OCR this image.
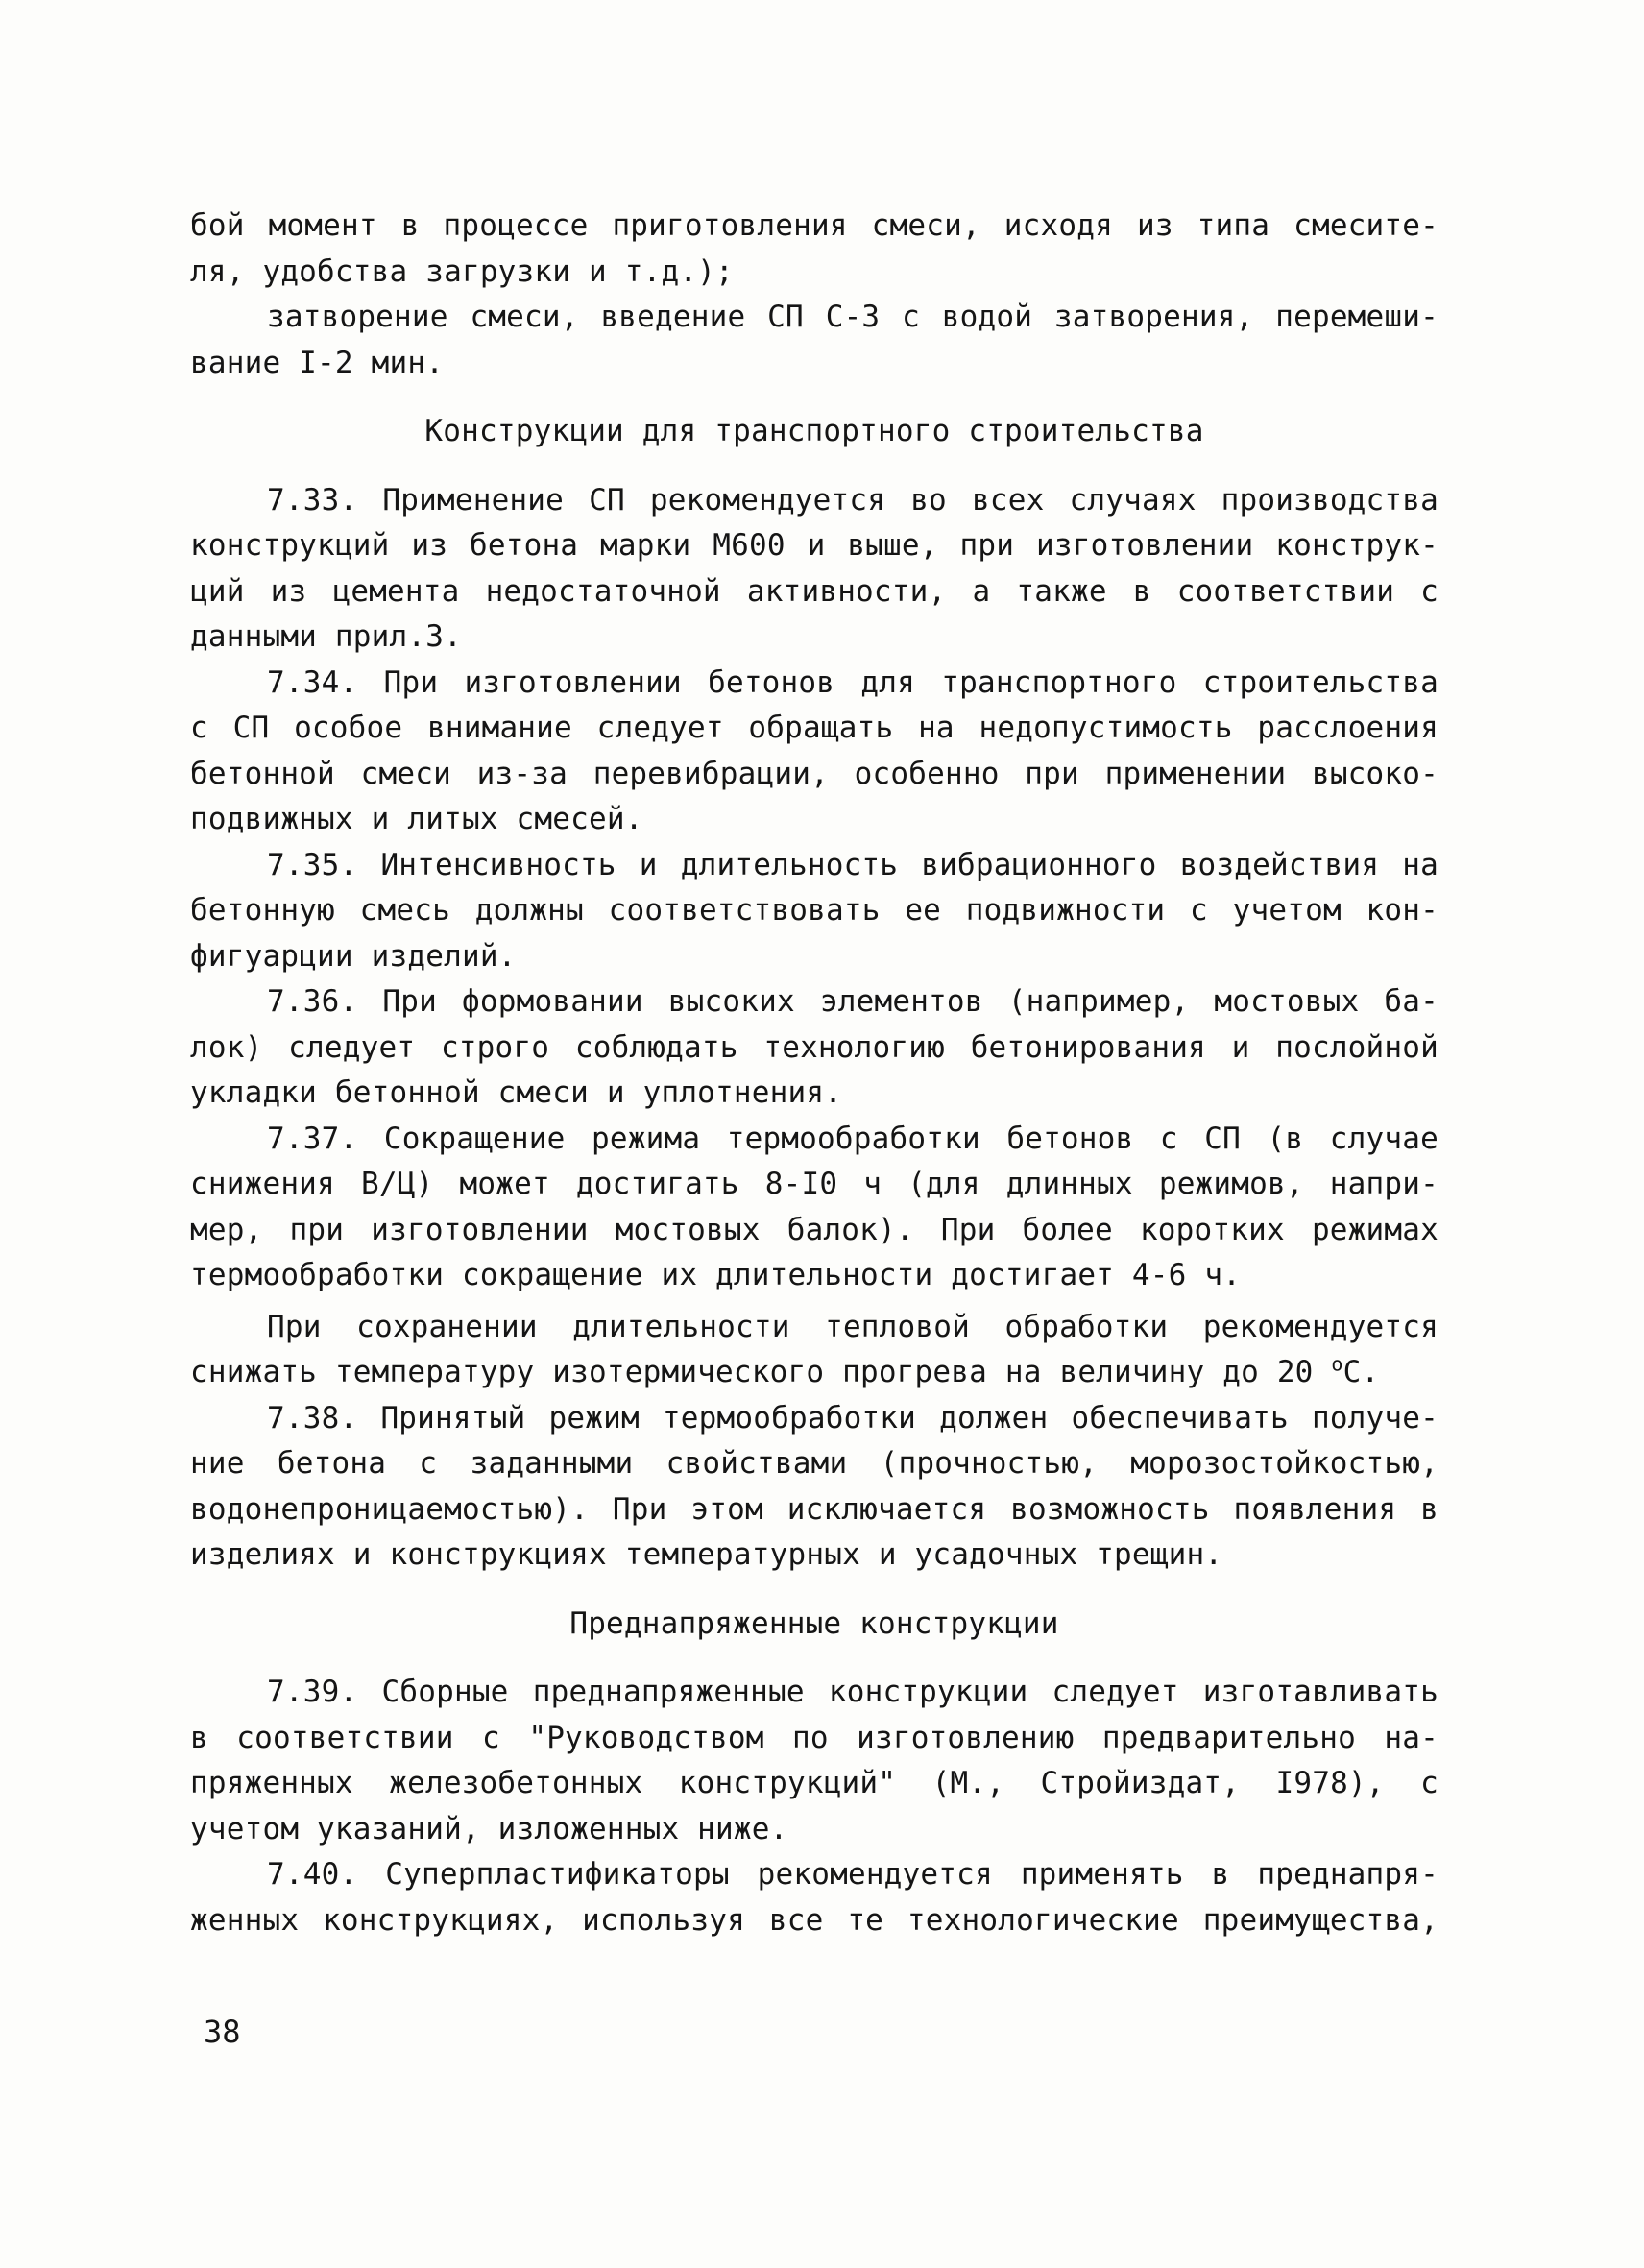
бой момент в процессе приготовления смеси, исходя из типа смесите-
ля, удобства загрузки и т.д.);
затворение смеси, введение СП С-3 с водой затворения, перемеши-
вание I-2 мин.
Конструкции для транспортного строительства
7.33. Применение СП рекомендуется во всех случаях производства
конструкций из бетона марки М600 и выше, при изготовлении конструк-
ций из цемента недостаточной активности, а также в соответствии с
данными прил.3.
7.34. При изготовлении бетонов для транспортного строительства
с СП особое внимание следует обращать на недопустимость расслоения
бетонной смеси из-за перевибрации, особенно при применении высоко-
подвижных и литых смесей.
7.35. Интенсивность и длительность вибрационного воздействия на
бетонную смесь должны соответствовать ее подвижности с учетом кон-
фигуарции изделий.
7.36. При формовании высоких элементов (например, мостовых ба-
лок) следует строго соблюдать технологию бетонирования и послойной
укладки бетонной смеси и уплотнения.
7.37. Сокращение режима термообработки бетонов с СП (в случае
снижения В/Ц) может достигать 8-I0 ч (для длинных режимов, напри-
мер, при изготовлении мостовых балок). При более коротких режимах
термообработки сокращение их длительности достигает 4-6 ч.
При сохранении длительности тепловой обработки рекомендуется
снижать температуру изотермического прогрева на величину до 20 $^о$С.
7.38. Принятый режим термообработки должен обеспечивать получе-
ние бетона с заданными свойствами (прочностью, морозостойкостью,
водонепроницаемостью). При этом исключается возможность появления в
изделиях и конструкциях температурных и усадочных трещин.
Преднапряженные конструкции
7.39. Сборные преднапряженные конструкции следует изготавливать
в соответствии с "Руководством по изготовлению предварительно на-
пряженных железобетонных конструкций" (М., Стройиздат, I978), с
учетом указаний, изложенных ниже.
7.40. Суперпластификаторы рекомендуется применять в преднапря-
женных конструкциях, используя все те технологические преимущества,
38
